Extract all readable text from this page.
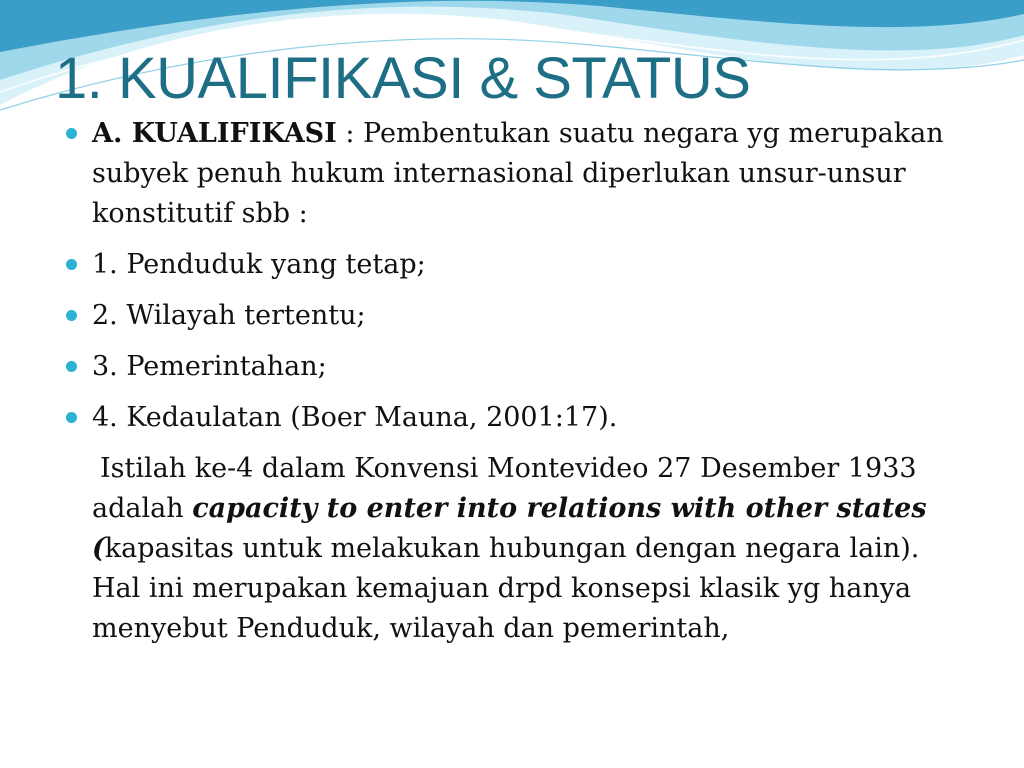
1. KUALIFIKASI & STATUS
A. KUALIFIKASI : Pembentukan suatu negara yg merupakan subyek penuh hukum internasional diperlukan unsur-unsur konstitutif sbb :
1. Penduduk yang tetap;
2. Wilayah tertentu;
3. Pemerintahan;
4. Kedaulatan (Boer Mauna, 2001:17).

Istilah ke-4 dalam Konvensi Montevideo 27 Desember 1933 adalah capacity to enter into relations with other states (kapasitas untuk melakukan hubungan dengan negara lain). Hal ini merupakan kemajuan drpd konsepsi klasik yg hanya menyebut Penduduk, wilayah dan pemerintah,
